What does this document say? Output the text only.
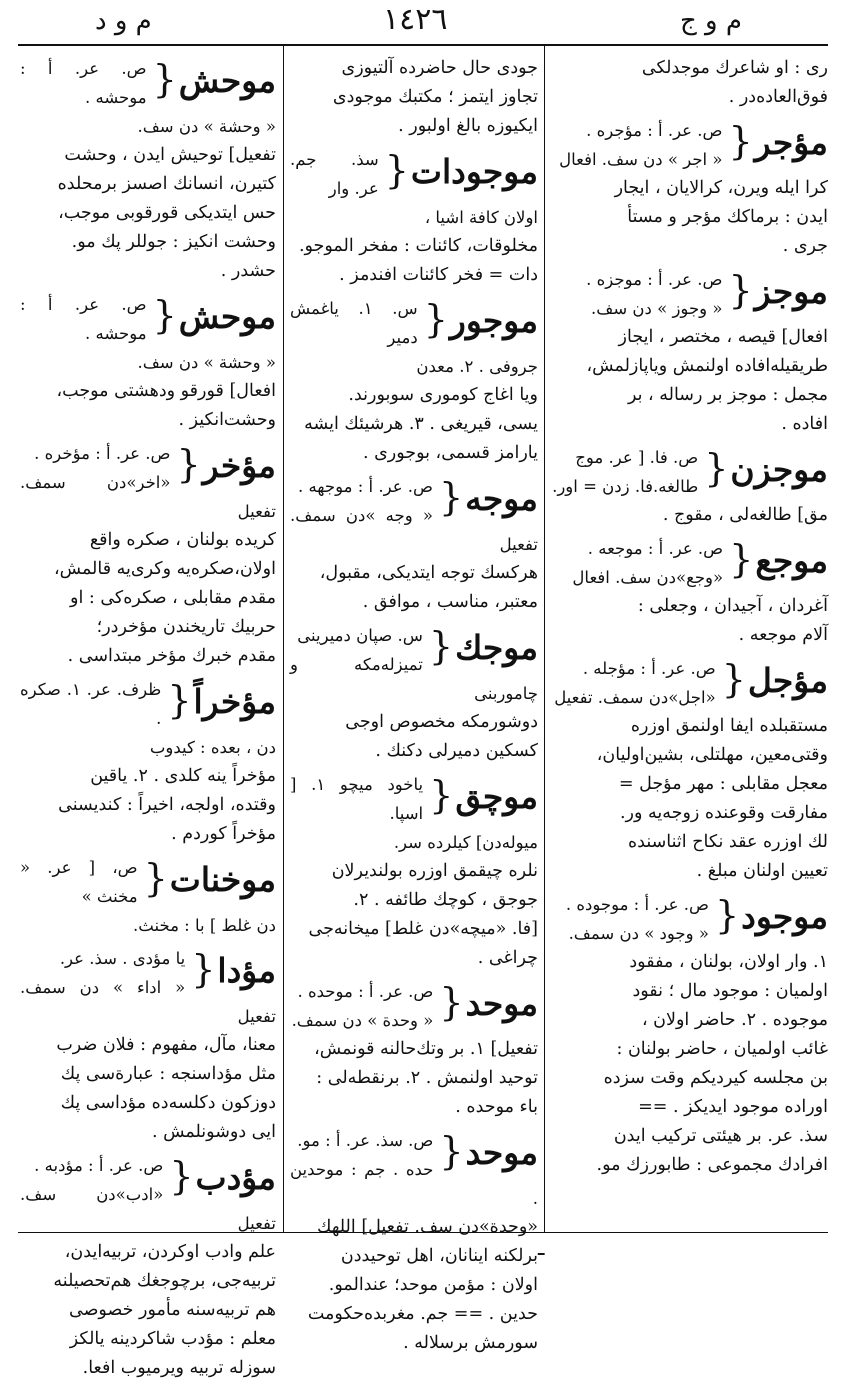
م و د	١٤٢٦	م و ج
ری : او شاعرك موجدلكی
فوق‌العاده‌در .
مؤجر{
ص. عر. أ : مؤجره .
« اجر » دن سف. افعال
كرا ايله ويرن، كرالايان ، ايجار
ايدن : برماكك مؤجر و مستأ
جرى .
موجز{
ص. عر. أ : موجزه .
« وجوز » دن سف.
افعال] قيصه ، مختصر ، ايجاز
طريقيله‌افاده اولنمش وياپازلمش،
مجمل : موجز بر رساله ، بر
افاده .
موجزن{
ص. فا. [ عر. موج
طالغه.فا. زدن = اور.
مق] طالغه‌لى ، مقوج .
موجع{
ص. عر. أ : موجعه .
«وجع»دن سف. افعال
آغردان ، آجيدان ، وجعلى :
آلام موجعه .
مؤجل{
ص. عر. أ : مؤجله .
«اجل»دن سمف. تفعيل
مستقبلده ايفا اولنمق اوزره
وقتى‌معين، مهلتلى، بشين‌اوليان،
معجل مقابلى : مهر مؤجل =
مفارقت وقوعنده زوجه‌يه ور.
لك اوزره عقد نكاح اثناسنده
تعيين اولنان مبلغ .
موجود{
ص. عر. أ : موجوده .
« وجود » دن سمف.
١. وار اولان، بولنان ، مفقود
اولميان : موجود مال ؛ نقود
موجوده . ٢. حاضر اولان ،
غائب اولميان ، حاضر بولنان :
بن مجلسه كيرديكم وقت سزده
اوراده موجود ايديكز . ==
سذ. عر. بر هيئتى تركيب ايدن
افرادك مجموعى : طابورزك مو.
جودى حال حاضرده آلتيوزى
تجاوز ايتمز ؛ مكتبك موجودى
ايكيوزه بالغ اولبور .
موجودات{
سذ. جم. عر. وار
اولان كافة اشيا ،
مخلوقات، كائنات : مفخر الموجو.
دات = فخر كائنات افندمز .
موجور{
س. ١. ياغمش دمير
جروفى . ٢. معدن
ويا اغاج كومورى سوبورند.
يسى، قيريغى . ٣. هرشيئك ايشه
يارامز قسمى، بوجورى .
موجه{
ص. عر. أ : موجهه .
« وجه »دن سمف. تفعيل
هركسك توجه ايتديكى، مقبول،
معتبر، مناسب ، موافق .
موجك{
س. صپان دميرينى
تميزله‌مكه و چاموربنى
دوشورمكه مخصوص اوجى
كسكين دميرلى دكنك .
موچق{
ياخود ميچو ١. [ اسپا.
ميوله‌دن] كيلرده سر.
نلره چيقمق اوزره بولنديرلان
جوجق ، كوچك طائفه . ٢.
[فا. «ميچه»دن غلط] ميخانه‌جى
چراغى .
موحد{
ص. عر. أ : موحده .
« وحدة » دن سمف.
تفعيل] ١. بر وتك‌حالنه قونمش،
توحيد اولنمش . ٢. برنقطه‌لى :
باء موحده .
موحد{
ص. سذ. عر. أ : مو.
حده . جم : موحدين .
«وحدة»دن سف. تفعيل] اللهك
برلكنه اينانان، اهل توحيددن
اولان : مؤمن موحد؛ عندالمو.
حدين . == جم. مغربده‌حكومت
سورمش برسلاله .
موحش{
ص. عر. أ : موحشه .
« وحشة » دن سف.
تفعيل] توحيش ايدن ، وحشت
كتيرن، انسانك اصسز برمحلده
حس ايتديكى قورقوبى موجب،
وحشت انكيز : جوللر پك مو.
حشدر .
موحش{
ص. عر. أ : موحشه .
« وحشة » دن سف.
افعال] قورقو ودهشتى موجب،
وحشت‌انكيز .
مؤخر{
ص. عر. أ : مؤخره .
«اخر»دن سمف. تفعيل
كريده بولنان ، صكره واقع
اولان،صكره‌يه وكرى‌يه قالمش،
مقدم مقابلى ، صكره‌كى : او
حربيك تاريخندن مؤخردر؛
مقدم خبرك مؤخر مبتداسى .
مؤخراً{
ظرف. عر. ١. صكره .
دن ، بعده : كيدوب
مؤخراً ينه كلدى . ٢. ياقين
وقتده، اولجه، اخيراً : كنديسنى
مؤخراً كوردم .
موخنات{
ص، [ عر. « مخنث »
دن غلط ] با : مخنث.
مؤدا{
يا مؤدى . سذ. عر.
« اداء » دن سمف. تفعيل
معنا، مآل، مفهوم : فلان ضرب
مثل مؤداسنجه : عبارةسى پك
دوزكون دكلسه‌ده مؤداسى پك
ايى دوشونلمش .
مؤدب{
ص. عر. أ : مؤدبه .
«ادب»دن سف. تفعيل
علم وادب اوكردن، تربيه‌ايدن،
تربيه‌جى، برچوجغك هم‌تحصيلنه
هم تربيه‌سنه مأمور خصوصى
معلم : مؤدب شاكردينه يالكز
سوزله تربيه ويرميوب افعا.
ـ
